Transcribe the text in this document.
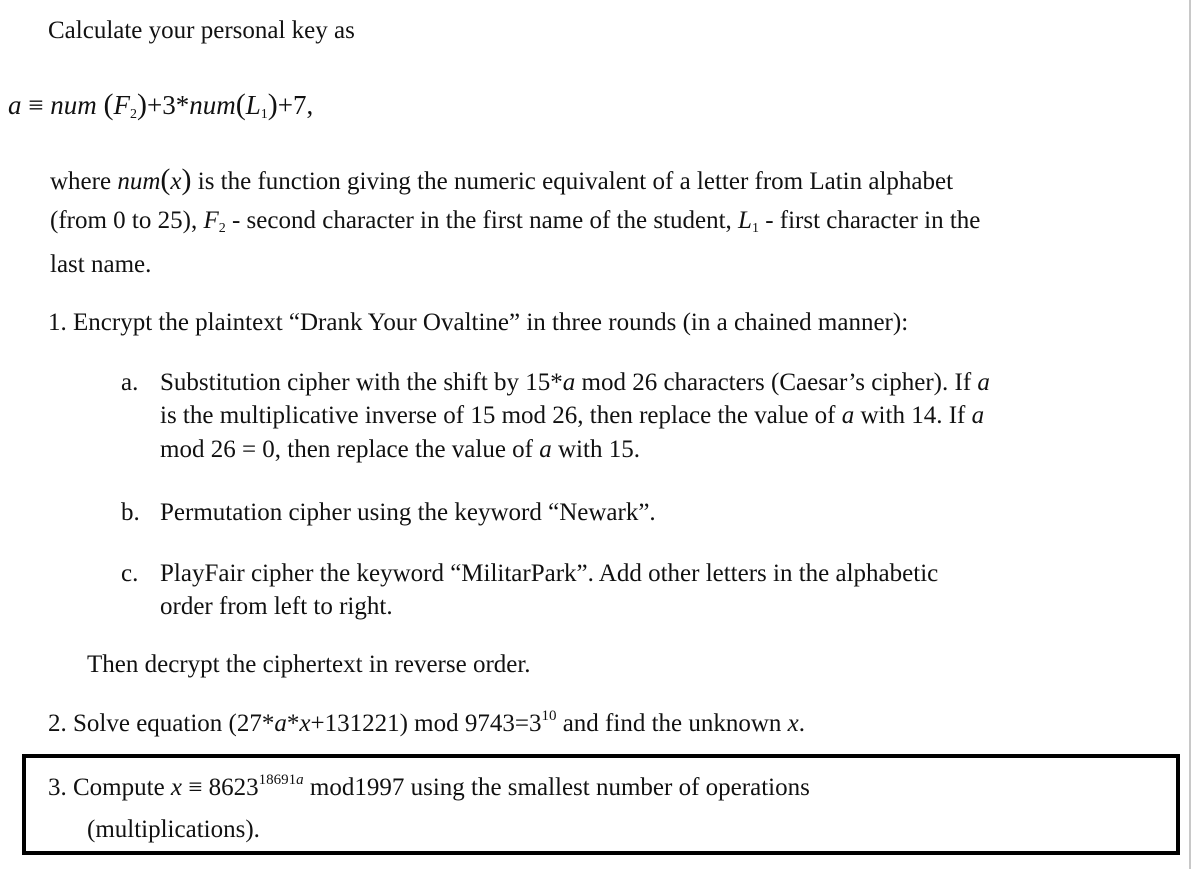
Calculate your personal key as
a ≡ num $(F_2)+3*num(L_1)+7$,
where num(x) is the function giving the numeric equivalent of a letter from Latin alphabet
(from 0 to 25), $F_2$ - second character in the first name of the student, $L_1$ - first character in the
last name.
1. Encrypt the plaintext “Drank Your Ovaltine” in three rounds (in a chained manner):
a. Substitution cipher with the shift by 15*a mod 26 characters (Caesar’s cipher). If a
is the multiplicative inverse of 15 mod 26, then replace the value of a with 14. If a
mod 26 = 0, then replace the value of a with 15.
b. Permutation cipher using the keyword “Newark”.
c. PlayFair cipher the keyword “MilitarPark”. Add other letters in the alphabetic
order from left to right.
Then decrypt the ciphertext in reverse order.
2. Solve equation (27*a*x+131221) mod $9743=3^{10}$ and find the unknown x.
3. Compute $x \equiv 8623^{18691a}$ mod1997 using the smallest number of operations
(multiplications).
